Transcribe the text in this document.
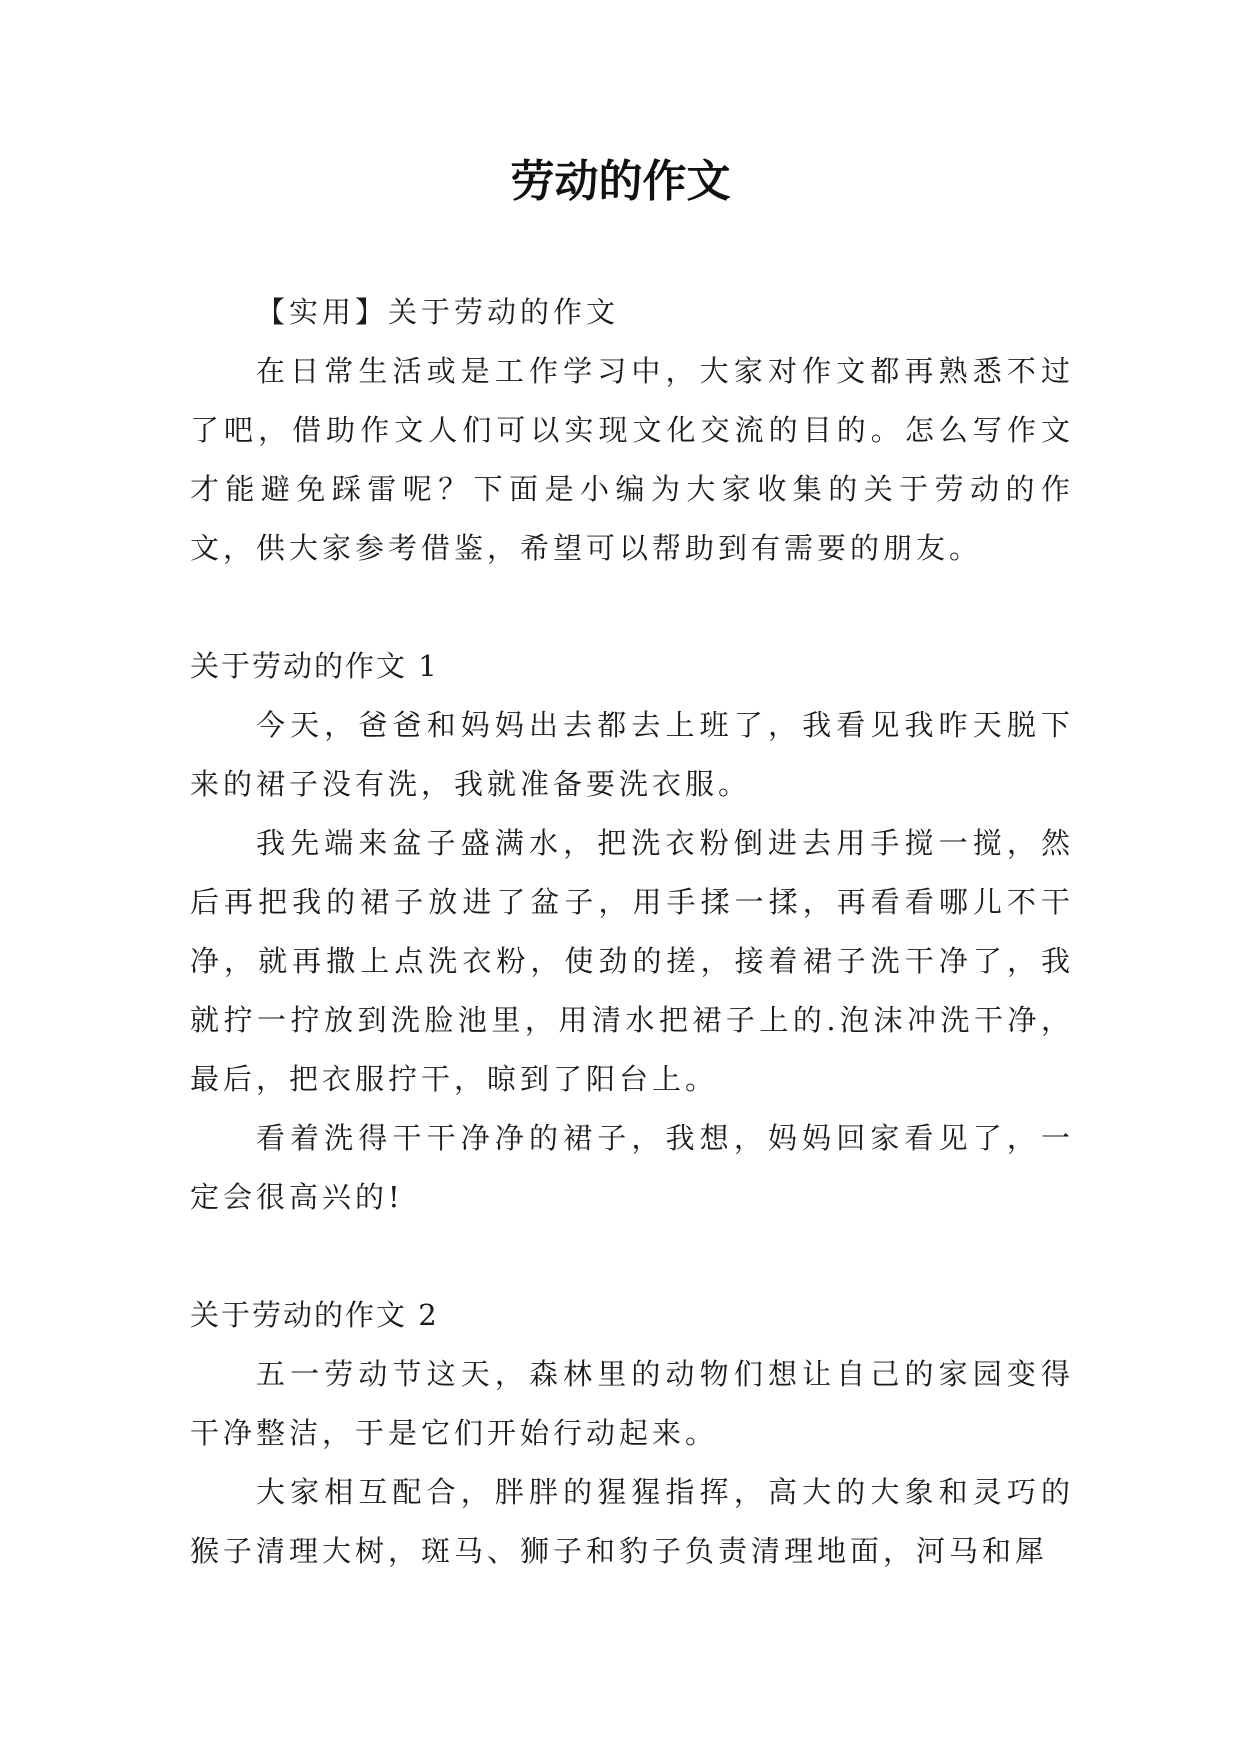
劳动的作文

【实用】关于劳动的作文

在日常生活或是工作学习中，大家对作文都再熟悉不过了吧，借助作文人们可以实现文化交流的目的。怎么写作文才能避免踩雷呢？下面是小编为大家收集的关于劳动的作文，供大家参考借鉴，希望可以帮助到有需要的朋友。

关于劳动的作文 1

今天，爸爸和妈妈出去都去上班了，我看见我昨天脱下来的裙子没有洗，我就准备要洗衣服。

我先端来盆子盛满水，把洗衣粉倒进去用手搅一搅，然后再把我的裙子放进了盆子，用手揉一揉，再看看哪儿不干净，就再撒上点洗衣粉，使劲的搓，接着裙子洗干净了，我就拧一拧放到洗脸池里，用清水把裙子上的.泡沫冲洗干净，最后，把衣服拧干，晾到了阳台上。

看着洗得干干净净的裙子，我想，妈妈回家看见了，一定会很高兴的!

关于劳动的作文 2

五一劳动节这天，森林里的动物们想让自己的家园变得干净整洁，于是它们开始行动起来。

大家相互配合，胖胖的猩猩指挥，高大的大象和灵巧的猴子清理大树，斑马、狮子和豹子负责清理地面，河马和犀
